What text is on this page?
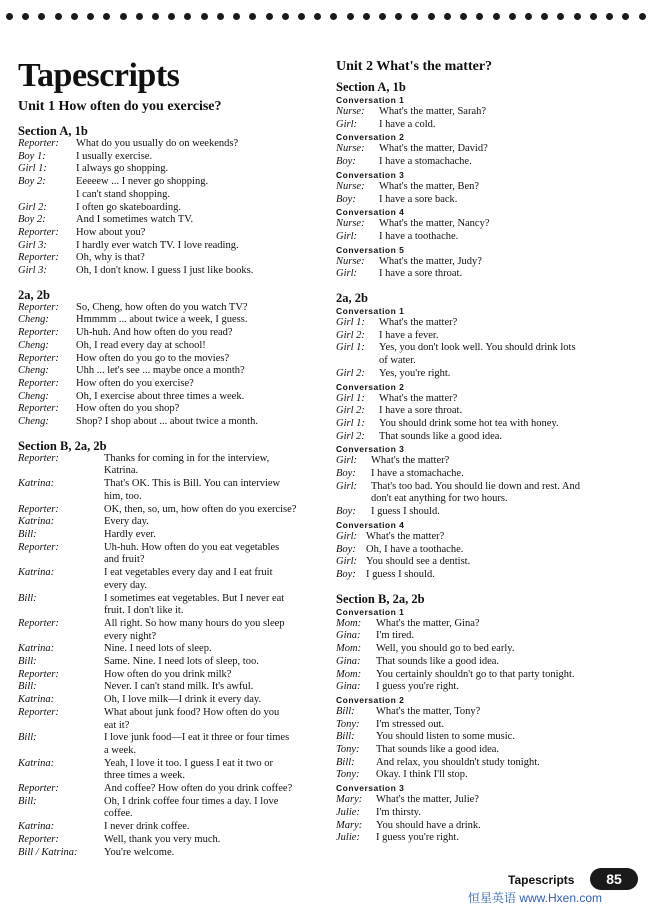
Tapescripts
Unit 1 How often do you exercise?
Section A, 1b
Reporter:	What do you usually do on weekends?
Boy 1:	I usually exercise.
Girl 1:	I always go shopping.
Boy 2:	Eeeeew ... I never go shopping.
I can't stand shopping.
Girl 2:	I often go skateboarding.
Boy 2:	And I sometimes watch TV.
Reporter:	How about you?
Girl 3:	I hardly ever watch TV. I love reading.
Reporter:	Oh, why is that?
Girl 3:	Oh, I don't know. I guess I just like books.
2a, 2b
Reporter:	So, Cheng, how often do you watch TV?
Cheng:	Hmmmm ... about twice a week, I guess.
Reporter:	Uh-huh. And how often do you read?
Cheng:	Oh, I read every day at school!
Reporter:	How often do you go to the movies?
Cheng:	Uhh ... let's see ... maybe once a month?
Reporter:	How often do you exercise?
Cheng:	Oh, I exercise about three times a week.
Reporter:	How often do you shop?
Cheng:	Shop? I shop about ... about twice a month.
Section B, 2a, 2b
Reporter:	Thanks for coming in for the interview,
Katrina.
Katrina:	That's OK. This is Bill. You can interview
him, too.
Reporter:	OK, then, so, um, how often do you exercise?
Katrina:	Every day.
Bill:	Hardly ever.
Reporter:	Uh-huh. How often do you eat vegetables
and fruit?
Katrina:	I eat vegetables every day and I eat fruit
every day.
Bill:	I sometimes eat vegetables. But I never eat
fruit. I don't like it.
Reporter:	All right. So how many hours do you sleep
every night?
Katrina:	Nine. I need lots of sleep.
Bill:	Same. Nine. I need lots of sleep, too.
Reporter:	How often do you drink milk?
Bill:	Never. I can't stand milk. It's awful.
Katrina:	Oh, I love milk—I drink it every day.
Reporter:	What about junk food? How often do you
eat it?
Bill:	I love junk food—I eat it three or four times
a week.
Katrina:	Yeah, I love it too. I guess I eat it two or
three times a week.
Reporter:	And coffee? How often do you drink coffee?
Bill:	Oh, I drink coffee four times a day. I love
coffee.
Katrina:	I never drink coffee.
Reporter:	Well, thank you very much.
Bill / Katrina:	You're welcome.
Unit 2 What's the matter?
Section A, 1b
Conversation 1
Nurse:	What's the matter, Sarah?
Girl:	I have a cold.
Conversation 2
Nurse:	What's the matter, David?
Boy:	I have a stomachache.
Conversation 3
Nurse:	What's the matter, Ben?
Boy:	I have a sore back.
Conversation 4
Nurse:	What's the matter, Nancy?
Girl:	I have a toothache.
Conversation 5
Nurse:	What's the matter, Judy?
Girl:	I have a sore throat.
2a, 2b
Conversation 1
Girl 1:	What's the matter?
Girl 2:	I have a fever.
Girl 1:	Yes, you don't look well. You should drink lots
of water.
Girl 2:	Yes, you're right.
Conversation 2
Girl 1:	What's the matter?
Girl 2:	I have a sore throat.
Girl 1:	You should drink some hot tea with honey.
Girl 2:	That sounds like a good idea.
Conversation 3
Girl:	What's the matter?
Boy:	I have a stomachache.
Girl:	That's too bad. You should lie down and rest. And
don't eat anything for two hours.
Boy:	I guess I should.
Conversation 4
Girl: What's the matter?
Boy: Oh, I have a toothache.
Girl: You should see a dentist.
Boy: I guess I should.
Section B, 2a, 2b
Conversation 1
Mom:	What's the matter, Gina?
Gina:	I'm tired.
Mom:	Well, you should go to bed early.
Gina:	That sounds like a good idea.
Mom:	You certainly shouldn't go to that party tonight.
Gina:	I guess you're right.
Conversation 2
Bill:	What's the matter, Tony?
Tony:	I'm stressed out.
Bill:	You should listen to some music.
Tony:	That sounds like a good idea.
Bill:	And relax, you shouldn't study tonight.
Tony:	Okay. I think I'll stop.
Conversation 3
Mary:	What's the matter, Julie?
Julie:	I'm thirsty.
Mary:	You should have a drink.
Julie:	I guess you're right.
Tapescripts	85
恒星英语 www.Hxen.com
